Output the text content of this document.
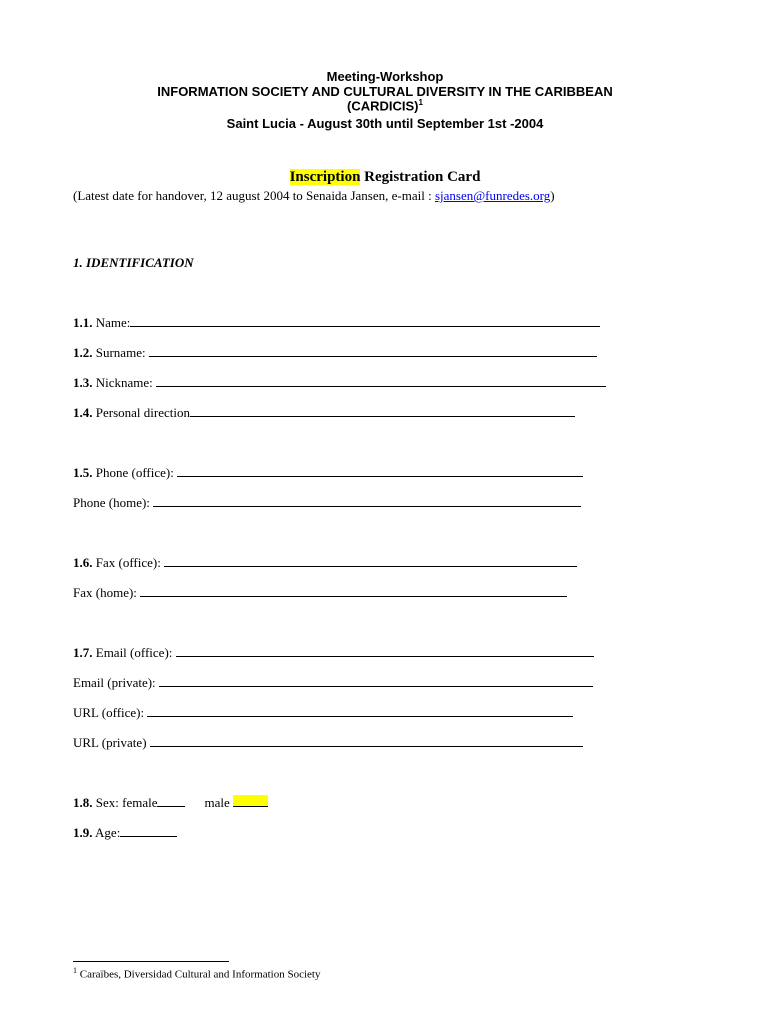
Meeting-Workshop
INFORMATION SOCIETY AND CULTURAL DIVERSITY IN THE CARIBBEAN
(CARDICIS)$^1$
Saint Lucia - August 30th until September 1st -2004
Inscription Registration Card
(Latest date for handover, 12 august 2004 to Senaida Jansen, e-mail : sjansen@funredes.org)
1. IDENTIFICATION
1.1. Name:
1.2. Surname:
1.3. Nickname:
1.4. Personal direction
1.5. Phone (office):
Phone (home):
1.6. Fax (office):
Fax (home):
1.7. Email (office):
Email (private):
URL (office):
URL (private)
1.8. Sex: female	male
1.9. Age:
$^1$ Caraïbes, Diversidad Cultural and Information Society
